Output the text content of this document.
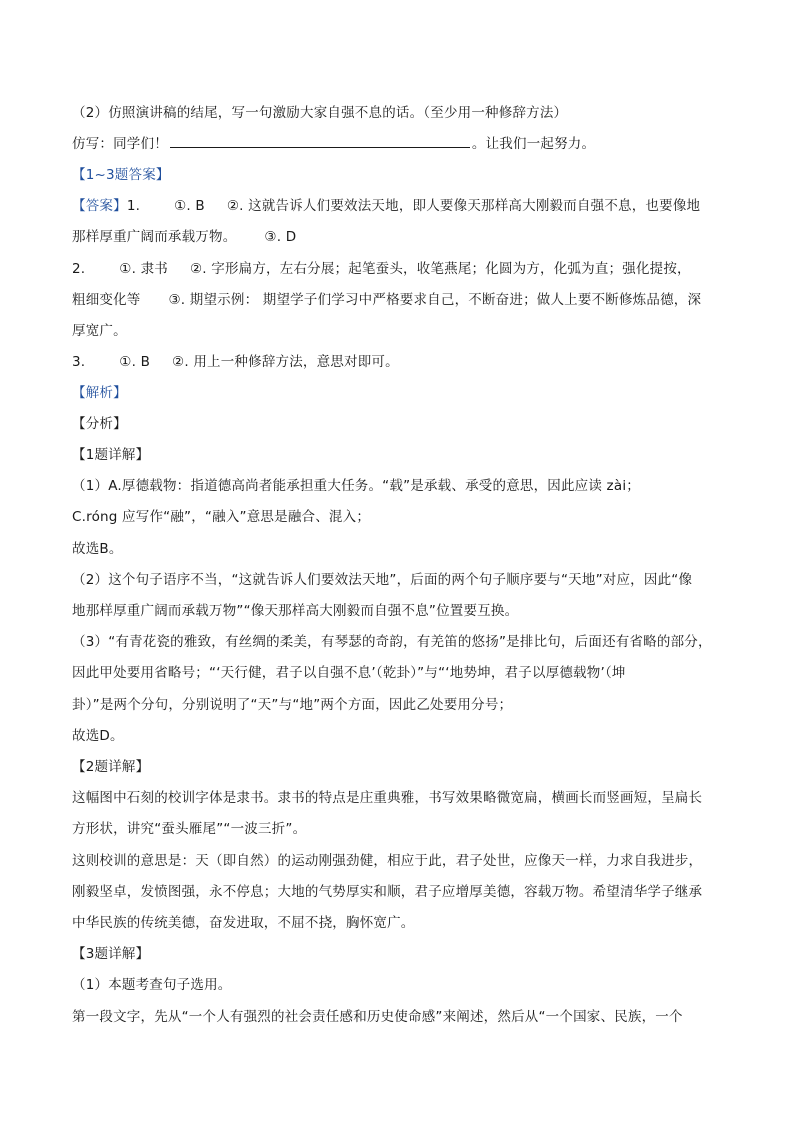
（2）仿照演讲稿的结尾，写一句激励大家自强不息的话。（至少用一种修辞方法）
仿写：同学们！	。让我们一起努力。
【1~3题答案】
【答案】1.	①. B ②. 这就告诉人们要效法天地，即人要像天那样高大刚毅而自强不息，也要像地
那样厚重广阔而承载万物。 ③. D
2.	①. 隶书 ②. 字形扁方，左右分展；起笔蚕头，收笔燕尾；化圆为方，化弧为直；强化提按，
粗细变化等 ③. 期望示例： 期望学子们学习中严格要求自己，不断奋进；做人上要不断修炼品德，深
厚宽广。
3.	①. B ②. 用上一种修辞方法，意思对即可。
【解析】
【分析】
【1题详解】
（1）A.厚德载物：指道德高尚者能承担重大任务。“载”是承载、承受的意思，因此应读 zài；
C.róng 应写作“融”，“融入”意思是融合、混入；
故选B。
（2）这个句子语序不当，“这就告诉人们要效法天地”，后面的两个句子顺序要与“天地”对应，因此“像
地那样厚重广阔而承载万物”“像天那样高大刚毅而自强不息”位置要互换。
（3）“有青花瓷的雅致，有丝绸的柔美，有琴瑟的奇韵，有羌笛的悠扬”是排比句，后面还有省略的部分，
因此甲处要用省略号；“‘天行健，君子以自强不息’（乾卦）”与“‘地势坤，君子以厚德载物’（坤
卦）”是两个分句，分别说明了“天”与“地”两个方面，因此乙处要用分号；
故选D。
【2题详解】
这幅图中石刻的校训字体是隶书。隶书的特点是庄重典雅，书写效果略微宽扁，横画长而竖画短，呈扁长
方形状，讲究“蚕头雁尾”“一波三折”。
这则校训的意思是：天（即自然）的运动刚强劲健，相应于此，君子处世，应像天一样，力求自我进步，
刚毅坚卓，发愤图强，永不停息；大地的气势厚实和顺，君子应增厚美德，容载万物。希望清华学子继承
中华民族的传统美德，奋发进取，不屈不挠，胸怀宽广。
【3题详解】
（1）本题考查句子选用。
第一段文字，先从“一个人有强烈的社会责任感和历史使命感”来阐述，然后从“一个国家、民族，一个
